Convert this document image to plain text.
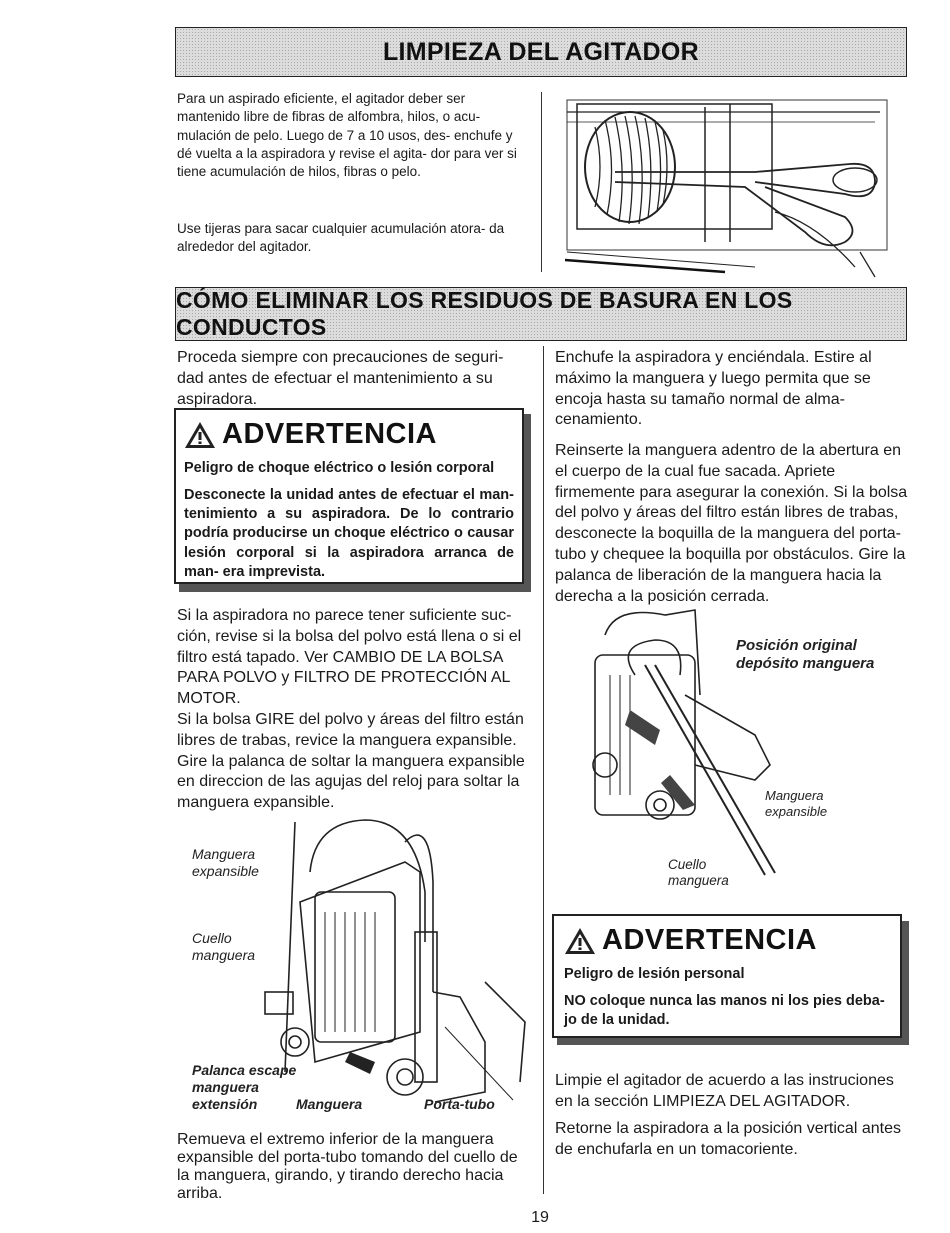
LIMPIEZA DEL AGITADOR
Para un aspirado eficiente, el agitador deber ser mantenido libre de fibras de alfombra, hilos, o acu- mulación de pelo. Luego de 7 a 10 usos, des- enchufe y dé vuelta a la aspiradora y revise el agita- dor para ver si tiene acumulación de hilos, fibras o pelo.
Use tijeras para sacar cualquier acumulación atora- da alrededor del agitador.
CÓMO ELIMINAR LOS RESIDUOS DE BASURA EN LOS CONDUCTOS
Proceda siempre con precauciones de seguri- dad antes de efectuar el mantenimiento a su aspiradora.
ADVERTENCIA
Peligro de choque eléctrico o lesión corporal
Desconecte la unidad antes de efectuar el man- tenimiento a su aspiradora. De lo contrario podría producirse un choque eléctrico o causar lesión corporal si la aspiradora arranca de man- era imprevista.
Si la aspiradora no parece tener suficiente suc- ción, revise si la bolsa del polvo está llena o si el filtro está tapado. Ver CAMBIO DE LA BOLSA PARA POLVO y FILTRO DE PROTECCIÓN AL MOTOR.
Si la bolsa GIRE del polvo y áreas del filtro están libres de trabas, revice la manguera expansible. Gire la palanca de soltar la manguera expansible en direccion de las agujas del reloj para soltar la manguera expansible.
Manguera expansible
Cuello manguera
Palanca escape manguera extensión	Manguera	Porta-tubo
Remueva el extremo inferior de la manguera expansible del porta-tubo tomando del cuello de la manguera, girando, y tirando derecho hacia arriba.
Enchufe la aspiradora y enciéndala. Estire al máximo la manguera y luego permita que se encoja hasta su tamaño normal de alma- cenamiento.
Reinserte la manguera adentro de la abertura en el cuerpo de la cual fue sacada. Apriete firmemente para asegurar la conexión. Si la bolsa del polvo y áreas del filtro están libres de trabas, desconecte la boquilla de la manguera del porta-tubo y chequee la boquilla por obstáculos. Gire la palanca de liberación de la manguera hacia la derecha a la posición cerrada.
Posición original depósito manguera
Manguera expansible
Cuello manguera
ADVERTENCIA
Peligro de lesión personal
NO coloque nunca las manos ni los pies deba- jo de la unidad.
Limpie el agitador de acuerdo a las instruciones en la sección LIMPIEZA DEL AGITADOR.
Retorne la aspiradora a la posición vertical antes de enchufarla en un tomacoriente.
19
